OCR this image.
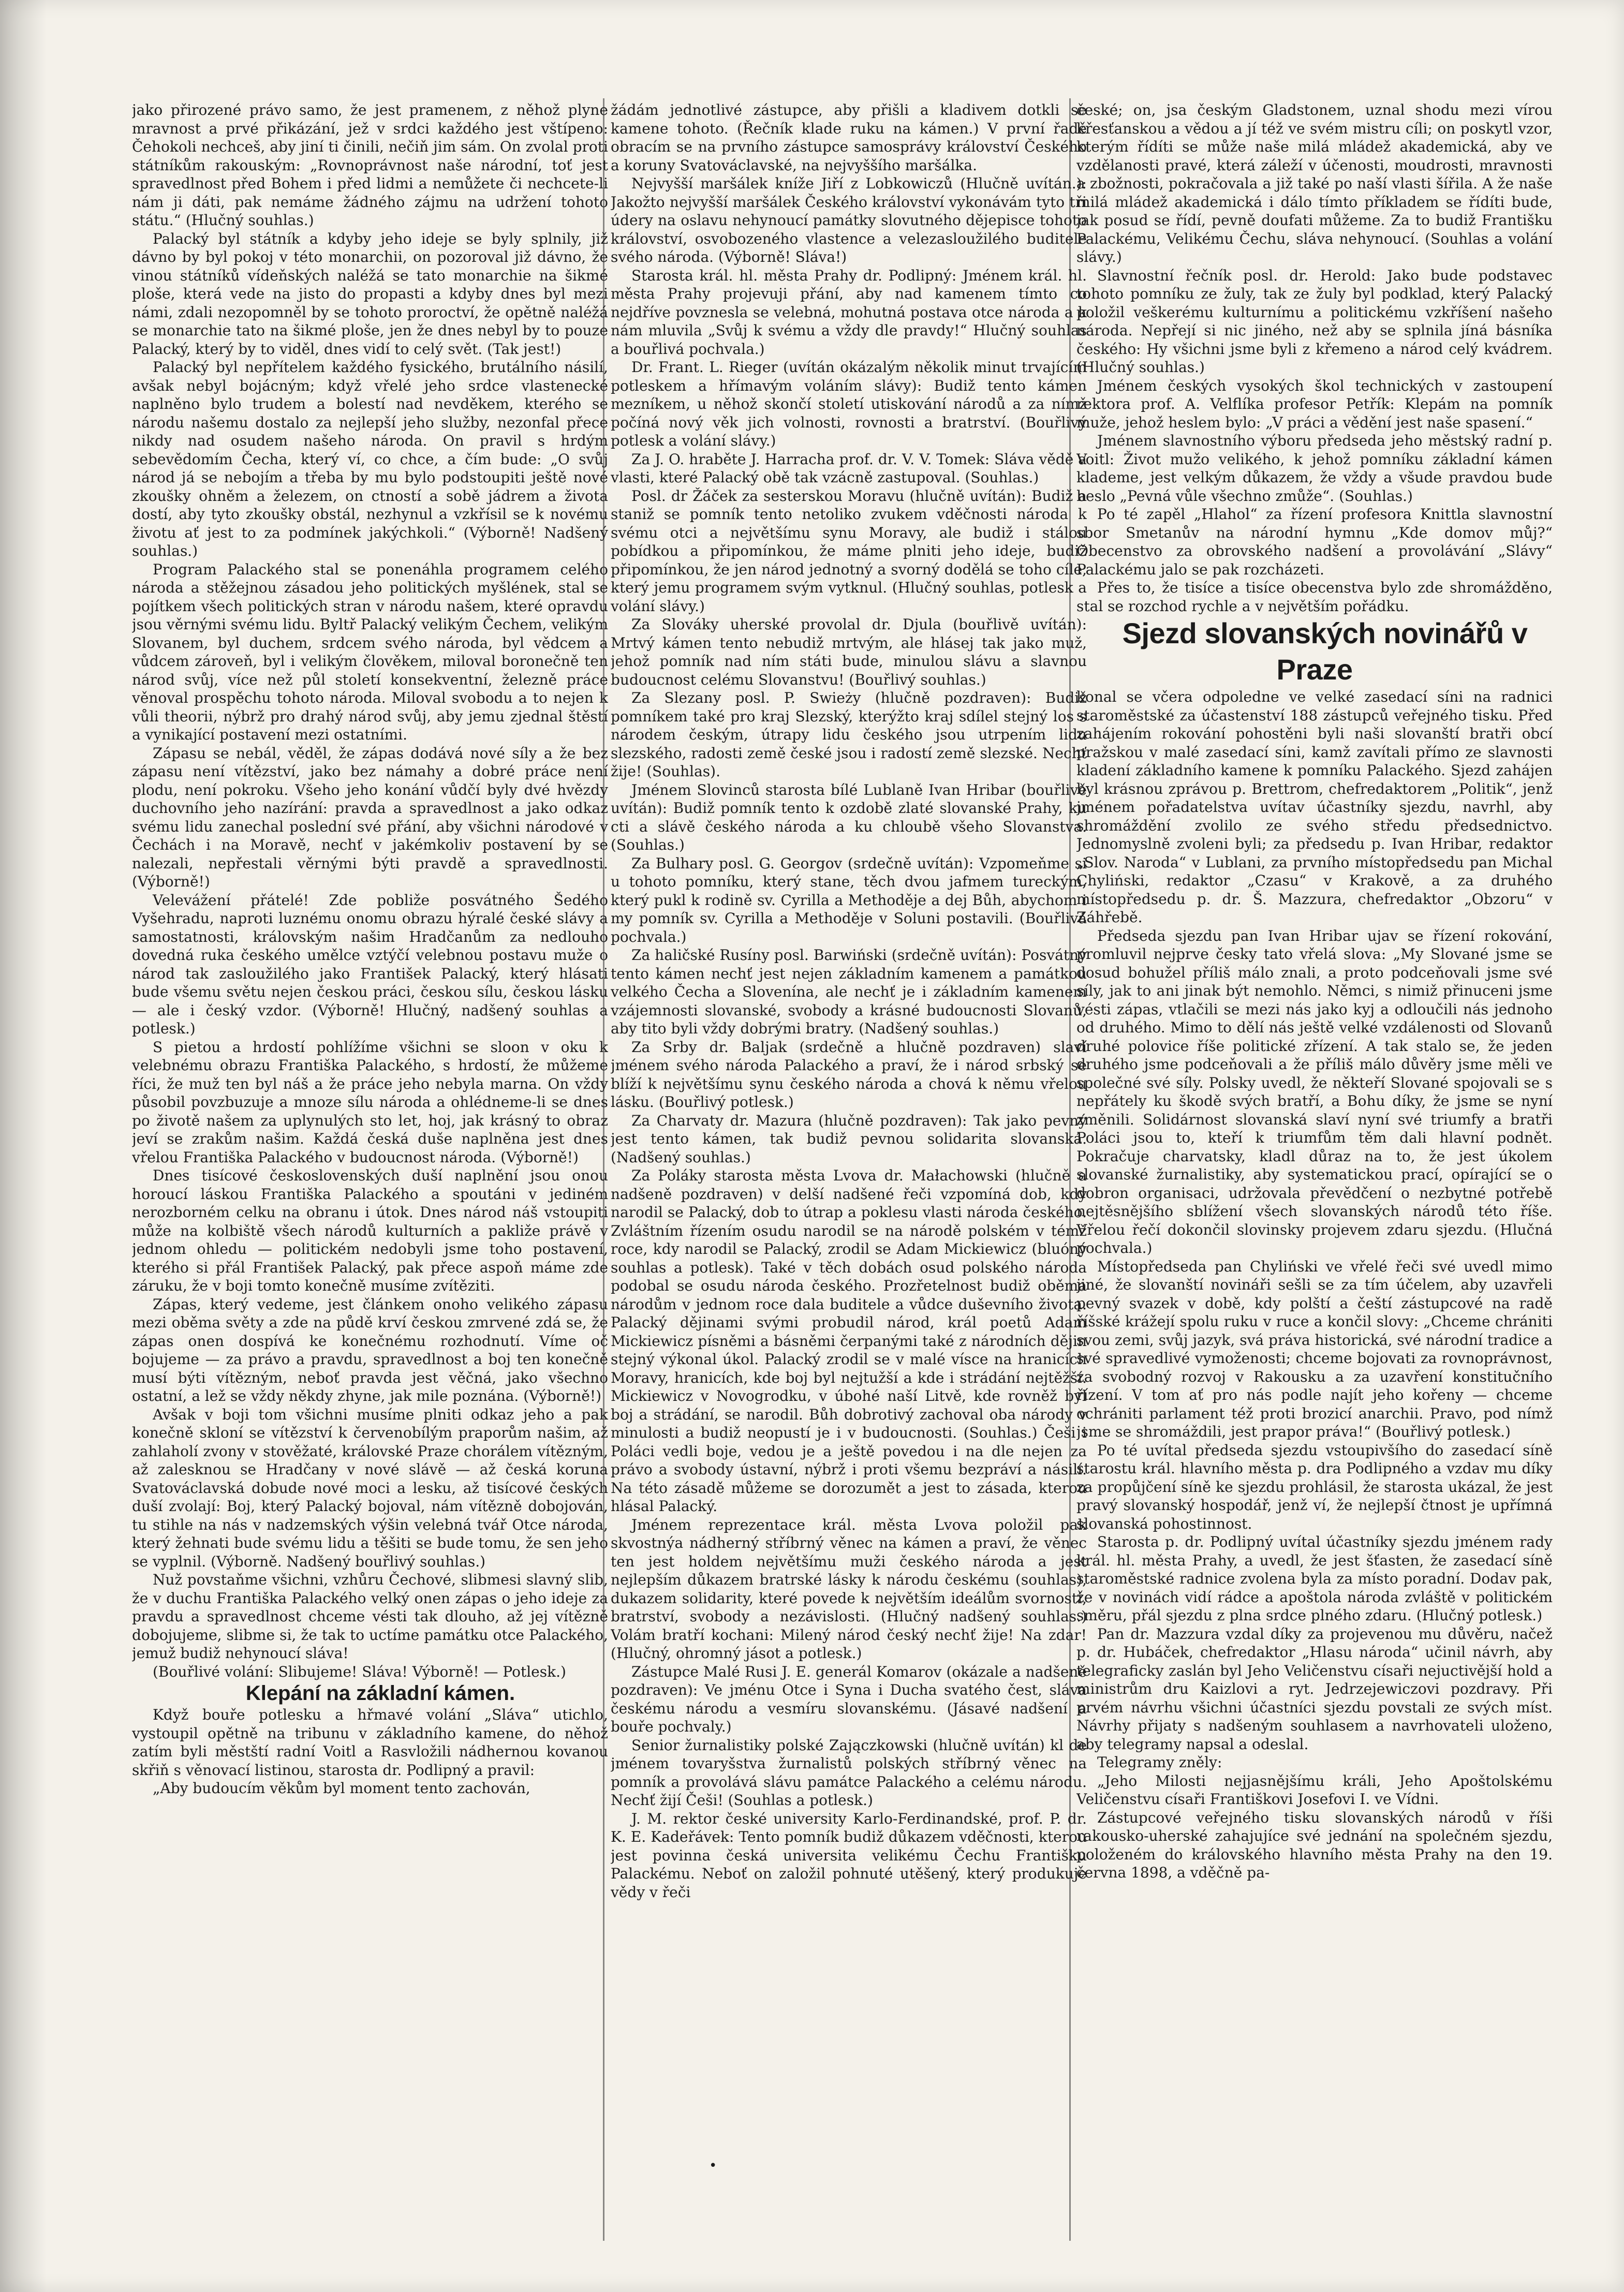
jako přirozené právo samo, že jest pramenem, z něhož plyne mravnost a prvé přikázání, jež v srdci každého jest vštípeno: Čehokoli nechceš, aby jiní ti činili, nečiň jim sám. On zvolal proti státníkům rakouským: „Rovnoprávnost naše národní, toť jest spravedlnost před Bohem i před lidmi a nemůžete či nechcete-li nám ji dáti, pak nemáme žádného zájmu na udržení tohoto státu.“ (Hlučný souhlas.)

Palacký byl státník a kdyby jeho ideje se byly splnily, již dávno by byl pokoj v této monarchii, on pozoroval již dávno, že vinou státníků vídeňských naléžá se tato monarchie na šikmé ploše, která vede na jisto do propasti a kdyby dnes byl mezi námi, zdali nezopomněl by se tohoto proroctví, že opětně naléžá se monarchie tato na šikmé ploše, jen že dnes nebyl by to pouze Palacký, který by to viděl, dnes vidí to celý svět. (Tak jest!)

Palacký byl nepřítelem každého fysického, brutálního násilí, avšak nebyl bojácným; když vřelé jeho srdce vlastenecké naplněno bylo trudem a bolestí nad nevděkem, kterého se národu našemu dostalo za nejlepší jeho služby, nezonfal přece nikdy nad osudem našeho národa. On pravil s hrdým sebevědomím Čecha, který ví, co chce, a čím bude: „O svůj národ já se nebojím a třeba by mu bylo podstoupiti ještě nové zkoušky ohněm a železem, on ctností a sobě jádrem a života dostí, aby tyto zkoušky obstál, nezhynul a vzkřísil se k novému životu ať jest to za podmínek jakýchkoli.“ (Výborně! Nadšený souhlas.)

Program Palackého stal se ponenáhla programem celého národa a stěžejnou zásadou jeho politických myšlének, stal se pojítkem všech politických stran v národu našem, které opravdu jsou věrnými svému lidu. Byltř Palacký velikým Čechem, velikým Slovanem, byl duchem, srdcem svého národa, byl vědcem a vůdcem zároveň, byl i velikým člověkem, miloval boronečně ten národ svůj, více než půl století konsekventní, železně práce věnoval prospěchu tohoto národa. Miloval svobodu a to nejen k vůli theorii, nýbrž pro drahý národ svůj, aby jemu zjednal štěstí a vynikající postavení mezi ostatními.

Zápasu se nebál, věděl, že zápas dodává nové síly a že bez zápasu není vítězství, jako bez námahy a dobré práce není plodu, není pokroku. Všeho jeho konání vůdčí byly dvé hvězdy duchovního jeho nazírání: pravda a spravedlnost a jako odkaz svému lidu zanechal poslední své přání, aby všichni národové v Čechách i na Moravě, nechť v jakémkoliv postavení by se nalezali, nepřestali věrnými býti pravdě a spravedlnosti. (Výborně!)

Velevážení přátelé! Zde pobliže posvátného Šedého Vyšehradu, naproti luznému onomu obrazu hýralé české slávy a samostatnosti, královským našim Hradčanům za nedlouho dovedná ruka českého umělce vztýčí velebnou postavu muže o národ tak zasloužilého jako František Palacký, který hlásati bude všemu světu nejen českou práci, českou sílu, českou lásku — ale i český vzdor. (Výborně! Hlučný, nadšený souhlas a potlesk.)

S pietou a hrdostí pohlížíme všichni se sloon v oku k velebnému obrazu Františka Palackého, s hrdostí, že můžeme říci, že muž ten byl náš a že práce jeho nebyla marna. On vždy působil povzbuzuje a mnoze sílu národa a ohlédneme-li se dnes po životě našem za uplynulých sto let, hoj, jak krásný to obraz jeví se zrakům našim. Každá česká duše naplněna jest dnes vřelou Františka Palackého v budoucnost národa. (Výborně!)

Dnes tisícové československých duší naplnění jsou onou horoucí láskou Františka Palackého a spoutáni v jediném nerozborném celku na obranu i útok. Dnes národ náš vstoupiti může na kolbiště všech národů kulturních a pakliže právě v jednom ohledu — politickém nedobyli jsme toho postavení, kterého si přál František Palacký, pak přece aspoň máme zde záruku, že v boji tomto konečně musíme zvítěziti.

Zápas, který vedeme, jest článkem onoho velikého zápasu mezi oběma světy a zde na půdě krví českou zmrvené zdá se, že zápas onen dospívá ke konečnému rozhodnutí. Víme oč bojujeme — za právo a pravdu, spravedlnost a boj ten konečně musí býti vítězným, neboť pravda jest věčná, jako všechno ostatní, a lež se vždy někdy zhyne, jak mile poznána. (Výborně!)

Avšak v boji tom všichni musíme plniti odkaz jeho a pak konečně skloní se vítězství k červenobílým praporům našim, až zahlaholí zvony v stověžaté, královské Praze chorálem vítězným, až zalesknou se Hradčany v nové slávě — až česká koruna Svatováclavská dobude nové moci a lesku, až tisícové českých duší zvolají: Boj, který Palacký bojoval, nám vítězně dobojován, tu stihle na nás v nadzemských výšin velebná tvář Otce národa, který žehnati bude svému lidu a těšiti se bude tomu, že sen jeho se vyplnil. (Výborně. Nadšený bouřlivý souhlas.)

Nuž povstaňme všichni, vzhůru Čechové, slibmesi slavný slib, že v duchu Františka Palackého velký onen zápas o jeho ideje za pravdu a spravedlnost chceme vésti tak dlouho, až jej vítězně dobojujeme, slibme si, že tak to uctíme památku otce Palackého, jemuž budiž nehynoucí sláva!

(Bouřlivé volání: Slibujeme! Sláva! Výborně! — Potlesk.)

Klepání na základní kámen.

Když bouře potlesku a hřmavé volání „Sláva“ utichlo, vystoupil opětně na tribunu v základního kamene, do něhož zatím byli městští radní Voitl a Rasvložili nádhernou kovanou skřiň s věnovací listinou, starosta dr. Podlipný a pravil:

„Aby budoucím věkům byl moment tento zachován,

žádám jednotlivé zástupce, aby přišli a kladivem dotkli se kamene tohoto. (Řečník klade ruku na kámen.) V první řadě obracím se na prvního zástupce samosprávy království Českého a koruny Svatováclavské, na nejvyššího maršálka.

Nejvyšší maršálek kníže Jiří z Lobkowiczů (Hlučně uvítán.): Jakožto nejvyšší maršálek Českého království vykonávám tyto tři údery na oslavu nehynoucí památky slovutného dějepisce tohoto království, osvobozeného vlastence a velezasloužilého buditele svého národa. (Výborně! Sláva!)

Starosta král. hl. města Prahy dr. Podlipný: Jménem král. hl. města Prahy projevuji přání, aby nad kamenem tímto co nejdříve povznesla se velebná, mohutná postava otce národa a k nám mluvila „Svůj k svému a vždy dle pravdy!“ Hlučný souhlas a bouřlivá pochvala.)

Dr. Frant. L. Rieger (uvítán okázalým několik minut trvajícím potleskem a hřímavým voláním slávy): Budiž tento kámen mezníkem, u něhož skončí století utiskování národů a za nímž počíná nový věk jich volnosti, rovnosti a bratrství. (Bouřlivý potlesk a volání slávy.)

Za J. O. hraběte J. Harracha prof. dr. V. V. Tomek: Sláva vědě a vlasti, které Palacký obě tak vzácně zastupoval. (Souhlas.)

Posl. dr Žáček za sesterskou Moravu (hlučně uvítán): Budiž a staniž se pomník tento netoliko zvukem vděčnosti národa k svému otci a největšímu synu Moravy, ale budiž i stálou pobídkou a připomínkou, že máme plniti jeho ideje, budiž připomínkou, že jen národ jednotný a svorný dodělá se toho cíle, který jemu programem svým vytknul. (Hlučný souhlas, potlesk a volání slávy.)

Za Slováky uherské provolal dr. Djula (bouřlivě uvítán): Mrtvý kámen tento nebudiž mrtvým, ale hlásej tak jako muž, jehož pomník nad ním státi bude, minulou slávu a slavnou budoucnost celému Slovanstvu! (Bouřlivý souhlas.)

Za Slezany posl. P. Swieży (hlučně pozdraven): Budiž pomníkem také pro kraj Slezský, kterýžto kraj sdílel stejný los s národem českým, útrapy lidu českého jsou utrpením lidu slezského, radosti země české jsou i radostí země slezské. Nechť žije! (Souhlas).

Jménem Slovinců starosta bílé Lublaně Ivan Hribar (bouřlivě uvítán): Budiž pomník tento k ozdobě zlaté slovanské Prahy, ku cti a slávě českého národa a ku chloubě všeho Slovanstva. (Souhlas.)

Za Bulhary posl. G. Georgov (srdečně uvítán): Vzpomeňme si u tohoto pomníku, který stane, těch dvou jafmem tureckým, který pukl k rodině sv. Cyrilla a Methoděje a dej Bůh, abychom i my pomník sv. Cyrilla a Methoděje v Soluni postavili. (Bouřlivá pochvala.)

Za haličské Rusíny posl. Barwiński (srdečně uvítán): Posvátný tento kámen nechť jest nejen základním kamenem a památkou velkého Čecha a Slovenína, ale nechť je i základním kamenem vzájemnosti slovanské, svobody a krásné budoucnosti Slovanů, aby tito byli vždy dobrými bratry. (Nadšený souhlas.)

Za Srby dr. Baljak (srdečně a hlučně pozdraven) slaví jménem svého národa Palackého a praví, že i národ srbský se blíží k největšímu synu českého národa a chová k němu vřelou lásku. (Bouřlivý potlesk.)

Za Charvaty dr. Mazura (hlučně pozdraven): Tak jako pevný jest tento kámen, tak budiž pevnou solidarita slovanská. (Nadšený souhlas.)

Za Poláky starosta města Lvova dr. Małachowski (hlučně a nadšeně pozdraven) v delší nadšené řeči vzpomíná dob, kdy narodil se Palacký, dob to útrap a poklesu vlasti národa českého. Zvláštním řízením osudu narodil se na národě polském v témž roce, kdy narodil se Palacký, zrodil se Adam Mickiewicz (bluóný souhlas a potlesk). Také v těch dobách osud polského národa podobal se osudu národa českého. Prozřetelnost budiž oběma národům v jednom roce dala buditele a vůdce duševního života. Palacký dějinami svými probudil národ, král poetů Adam Mickiewicz písněmi a básněmi čerpanými také z národních dějin stejný výkonal úkol. Palacký zrodil se v malé vísce na hranicích Moravy, hranicích, kde boj byl nejtužší a kde i strádání nejtěžší. Mickiewicz v Novogrodku, v úbohé naší Litvě, kde rovněž byl boj a strádání, se narodil. Bůh dobrotivý zachoval oba národy v minulosti a budiž neopustí je i v budoucnosti. (Souhlas.) Češi i Poláci vedli boje, vedou je a ještě povedou i na dle nejen za právo a svobody ústavní, nýbrž i proti všemu bezpráví a násilí. Na této zásadě můžeme se dorozumět a jest to zásada, kterou hlásal Palacký.

Jménem reprezentace král. města Lvova položil pak skvostnýa nádherný stříbrný věnec na kámen a praví, že věnec ten jest holdem největšímu muži českého národa a jest nejlepším důkazem bratrské lásky k národu českému (souhlas), dukazem solidarity, které povede k největším ideálům svornosti, bratrství, svobody a nezávislosti. (Hlučný nadšený souhlas.) Volám bratří kochani: Milený národ český nechť žije! Na zdar! (Hlučný, ohromný jásot a potlesk.)

Zástupce Malé Rusi J. E. generál Komarov (okázale a nadšeně pozdraven): Ve jménu Otce i Syna i Ducha svatého čest, sláva českému národu a vesmíru slovanskému. (Jásavé nadšení a bouře pochvaly.)

Senior žurnalistiky polské Zajączkowski (hlučně uvítán) kl de jménem tovaryšstva žurnalistů polských stříbrný věnec na pomník a provolává slávu památce Palackého a celému národu. Nechť žijí Češi! (Souhlas a potlesk.)

J. M. rektor české university Karlo-Ferdinandské, prof. P. dr. K. E. Kadeřávek: Tento pomník budiž důkazem vděčnosti, kterou jest povinna česká universita velikému Čechu Františku Palackému. Neboť on založil pohnuté utěšený, který produkuje vědy v řeči

české; on, jsa českým Gladstonem, uznal shodu mezi vírou křesťanskou a vědou a jí též ve svém mistru cíli; on poskytl vzor, kterým řídíti se může naše milá mládež akademická, aby ve vzdělanosti pravé, která záleží v účenosti, moudrosti, mravnosti a zbožnosti, pokračovala a již také po naší vlasti šířila. A že naše milá mládež akademická i dálo tímto příkladem se řídíti bude, jak posud se řídí, pevně doufati můžeme. Za to budiž Františku Palackému, Velikému Čechu, sláva nehynoucí. (Souhlas a volání slávy.)

Slavnostní řečník posl. dr. Herold: Jako bude podstavec tohoto pomníku ze žuly, tak ze žuly byl podklad, který Palacký položil veškerému kulturnímu a politickému vzkříšení našeho národa. Nepřejí si nic jiného, než aby se splnila jíná básníka českého: Hy všichni jsme byli z křemeno a národ celý kvádrem. (Hlučný souhlas.)

Jménem českých vysokých škol technických v zastoupení rektora prof. A. Velflíka profesor Petřík: Klepám na pomník muže, jehož heslem bylo: „V práci a vědění jest naše spasení.“

Jménem slavnostního výboru předseda jeho městský radní p. Voitl: Život mužo velikého, k jehož pomníku základní kámen klademe, jest velkým důkazem, že vždy a všude pravdou bude heslo „Pevná vůle všechno zmůže“. (Souhlas.)

Po té zapěl „Hlahol“ za řízení profesora Knittla slavnostní sbor Smetanův na národní hymnu „Kde domov můj?“ Obecenstvo za obrovského nadšení a provolávání „Slávy“ Palackému jalo se pak rozcházeti.

Přes to, že tisíce a tisíce obecenstva bylo zde shromážděno, stal se rozchod rychle a v největším pořádku.

Sjezd slovanských novinářů v Praze

konal se včera odpoledne ve velké zasedací síni na radnici staroměstské za účastenství 188 zástupců veřejného tisku. Před zahájením rokování pohostěni byli naši slovanští bratři obcí pražskou v malé zasedací síni, kamž zavítali přímo ze slavnosti kladení základního kamene k pomníku Palackého. Sjezd zahájen byl krásnou zprávou p. Brettrom, chefredaktorem „Politik“, jenž jménem pořadatelstva uvítav účastníky sjezdu, navrhl, aby shromáždění zvolilo ze svého středu předsednictvo. Jednomyslně zvoleni byli; za předsedu p. Ivan Hribar, redaktor „Slov. Naroda“ v Lublani, za prvního místopředsedu pan Michal Chyliński, redaktor „Czasu“ v Krakově, a za druhého místopředsedu p. dr. Š. Mazzura, chefredaktor „Obzoru“ v Záhřebě.

Předseda sjezdu pan Ivan Hribar ujav se řízení rokování, promluvil nejprve česky tato vřelá slova: „My Slované jsme se dosud bohužel příliš málo znali, a proto podceňovali jsme své síly, jak to ani jinak být nemohlo. Němci, s nimiž přinuceni jsme vésti zápas, vtlačili se mezi nás jako kyj a odloučili nás jednoho od druhého. Mimo to dělí nás ještě velké vzdálenosti od Slovanů druhé polovice říše politické zřízení. A tak stalo se, že jeden druhého jsme podceňovali a že příliš málo důvěry jsme měli ve společné své síly. Polsky uvedl, že někteří Slované spojovali se s nepřátely ku škodě svých bratří, a Bohu díky, že jsme se nyní změnili. Solidárnost slovanská slaví nyní své triumfy a bratři Poláci jsou to, kteří k triumfům těm dali hlavní podnět. Pokračuje charvatsky, kladl důraz na to, že jest úkolem slovanské žurnalistiky, aby systematickou prací, opírající se o dobron organisaci, udržovala převědčení o nezbytné potřebě nejtěsnějšího sblížení všech slovanských národů této říše. Vřelou řečí dokončil slovinsky projevem zdaru sjezdu. (Hlučná pochvala.)

Místopředseda pan Chyliński ve vřelé řeči své uvedl mimo jiné, že slovanští novináři sešli se za tím účelem, aby uzavřeli pevný svazek v době, kdy polští a čeští zástupcové na radě říšské krážejí spolu ruku v ruce a končil slovy: „Chceme chrániti svou zemi, svůj jazyk, svá práva historická, své národní tradice a své spravedlivé vymoženosti; chceme bojovati za rovnoprávnost, za svobodný rozvoj v Rakousku a za uzavření konstitučního řízení. V tom ať pro nás podle najít jeho kořeny — chceme ochrániti parlament též proti brozicí anarchii. Pravo, pod nímž jsme se shromáždili, jest prapor práva!“ (Bouřlivý potlesk.)

Po té uvítal předseda sjezdu vstoupivšího do zasedací síně starostu král. hlavního města p. dra Podlipného a vzdav mu díky za propůjčení síně ke sjezdu prohlásil, že starosta ukázal, že jest pravý slovanský hospodář, jenž ví, že nejlepší čtnost je upřímná slovanská pohostinnost.

Starosta p. dr. Podlipný uvítal účastníky sjezdu jménem rady král. hl. města Prahy, a uvedl, že jest šťasten, že zasedací síně staroměstské radnice zvolena byla za místo poradní. Dodav pak, že v novinách vidí rádce a apoštola národa zvláště v politickém směru, přál sjezdu z plna srdce plného zdaru. (Hlučný potlesk.)

Pan dr. Mazzura vzdal díky za projevenou mu důvěru, načež p. dr. Hubáček, chefredaktor „Hlasu národa“ učinil návrh, aby telegraficky zaslán byl Jeho Veličenstvu císaři nejuctivější hold a ministrům dru Kaizlovi a ryt. Jedrzejewiczovi pozdravy. Při prvém návrhu všichni účastníci sjezdu povstali ze svých míst. Návrhy přijaty s nadšeným souhlasem a navrhovateli uloženo, aby telegramy napsal a odeslal.

Telegramy zněly:

„Jeho Milosti nejjasnějšímu králi, Jeho Apoštolskému Veličenstvu císaři Františkovi Josefovi I. ve Vídni.

Zástupcové veřejného tisku slovanských národů v říši rakousko-uherské zahajujíce své jednání na společném sjezdu, položeném do královského hlavního města Prahy na den 19. června 1898, a vděčně pa-

•
